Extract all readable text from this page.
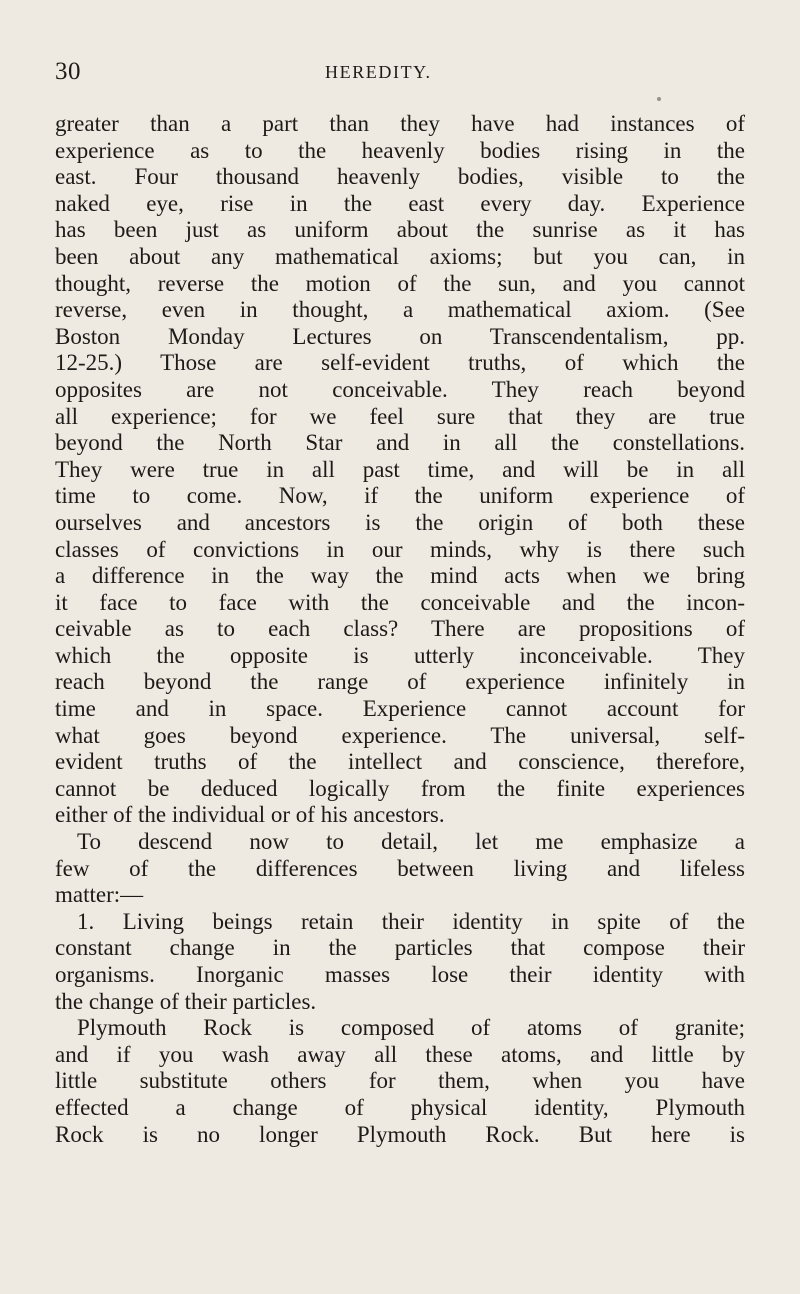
30	HEREDITY.
greater than a part than they have had instances of
experience as to the heavenly bodies rising in the
east. Four thousand heavenly bodies, visible to the
naked eye, rise in the east every day. Experience
has been just as uniform about the sunrise as it has
been about any mathematical axioms; but you can, in
thought, reverse the motion of the sun, and you cannot
reverse, even in thought, a mathematical axiom. (See
Boston Monday Lectures on Transcendentalism, pp.
12-25.) Those are self-evident truths, of which the
opposites are not conceivable. They reach beyond
all experience; for we feel sure that they are true
beyond the North Star and in all the constellations.
They were true in all past time, and will be in all
time to come. Now, if the uniform experience of
ourselves and ancestors is the origin of both these
classes of convictions in our minds, why is there such
a difference in the way the mind acts when we bring
it face to face with the conceivable and the incon-
ceivable as to each class? There are propositions of
which the opposite is utterly inconceivable. They
reach beyond the range of experience infinitely in
time and in space. Experience cannot account for
what goes beyond experience. The universal, self-
evident truths of the intellect and conscience, therefore,
cannot be deduced logically from the finite experiences
either of the individual or of his ancestors.
To descend now to detail, let me emphasize a
few of the differences between living and lifeless
matter:—
1. Living beings retain their identity in spite of the
constant change in the particles that compose their
organisms. Inorganic masses lose their identity with
the change of their particles.
Plymouth Rock is composed of atoms of granite;
and if you wash away all these atoms, and little by
little substitute others for them, when you have
effected a change of physical identity, Plymouth
Rock is no longer Plymouth Rock. But here is
